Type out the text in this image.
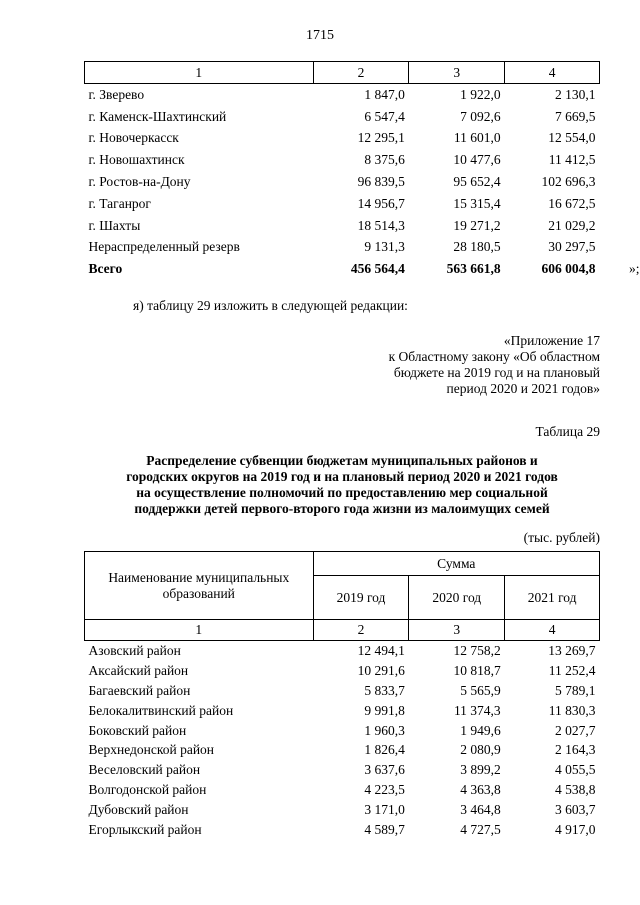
1715
1	2	3	4
г. Зверево	1 847,0	1 922,0	2 130,1
г. Каменск-Шахтинский	6 547,4	7 092,6	7 669,5
г. Новочеркасск	12 295,1	11 601,0	12 554,0
г. Новошахтинск	8 375,6	10 477,6	11 412,5
г. Ростов-на-Дону	96 839,5	95 652,4	102 696,3
г. Таганрог	14 956,7	15 315,4	16 672,5
г. Шахты	18 514,3	19 271,2	21 029,2
Нераспределенный резерв	9 131,3	28 180,5	30 297,5
Всего	456 564,4	563 661,8	606 004,8 »;
я) таблицу 29 изложить в следующей редакции:
«Приложение 17
к Областному закону «Об областном
бюджете на 2019 год и на плановый
период 2020 и 2021 годов»
Таблица 29
Распределение субвенции бюджетам муниципальных районов и
городских округов на 2019 год и на плановый период 2020 и 2021 годов
на осуществление полномочий по предоставлению мер социальной
поддержки детей первого-второго года жизни из малоимущих семей
(тыс. рублей)
Наименование муниципальных образований	Сумма		
	2019 год	2020 год	2021 год
1	2	3	4
Азовский район	12 494,1	12 758,2	13 269,7
Аксайский район	10 291,6	10 818,7	11 252,4
Багаевский район	5 833,7	5 565,9	5 789,1
Белокалитвинский район	9 991,8	11 374,3	11 830,3
Боковский район	1 960,3	1 949,6	2 027,7
Верхнедонской район	1 826,4	2 080,9	2 164,3
Веселовский район	3 637,6	3 899,2	4 055,5
Волгодонской район	4 223,5	4 363,8	4 538,8
Дубовский район	3 171,0	3 464,8	3 603,7
Егорлыкский район	4 589,7	4 727,5	4 917,0
